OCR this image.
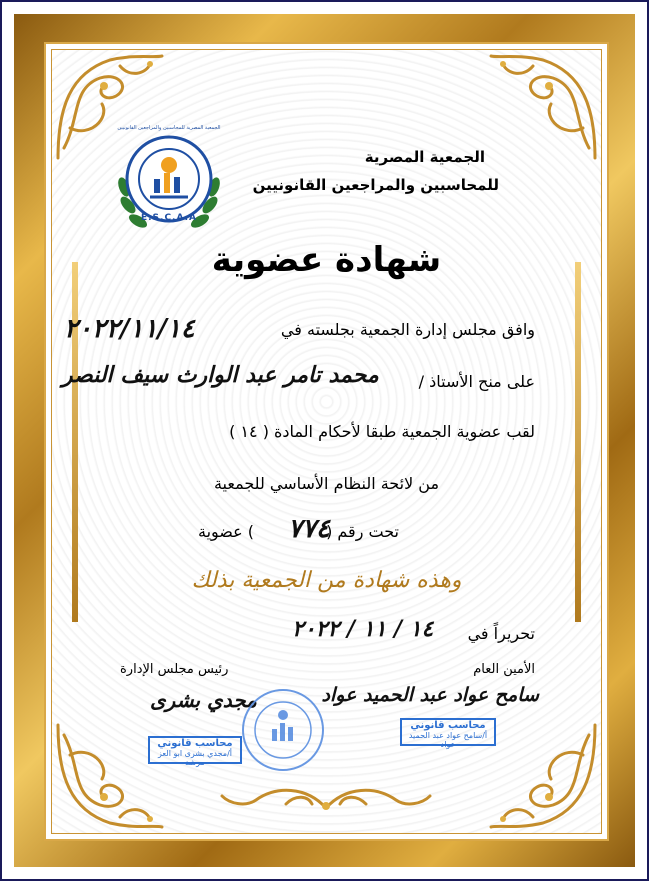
E.S.C.A.A
الجمعية المصرية للمحاسبين والمراجعين القانونيين
الجمعية المصرية
للمحاسبين والمراجعين القانونيين
شهادة عضوية
وافق مجلس إدارة الجمعية بجلسته في
٢٠٢٢/١١/١٤
على منح الأستاذ /
محمد تامر عبد الوارث سيف النصر
لقب عضوية الجمعية طبقا لأحكام المادة ( ١٤ )
من لائحة النظام الأساسي للجمعية
تحت رقم (
٧٧٤
) عضوية
وهذه شهادة من الجمعية بذلك
تحريراً في
١٤ / ١١ / ٢٠٢٢
رئيس مجلس الإدارة
مجدي بشرى
محاسب قانوني
أ/مجدي بشرى ابو العز مرشد
الأمين العام
سامح عواد عبد الحميد عواد
محاسب قانوني
أ/سامح عواد عبد الحميد عواد
